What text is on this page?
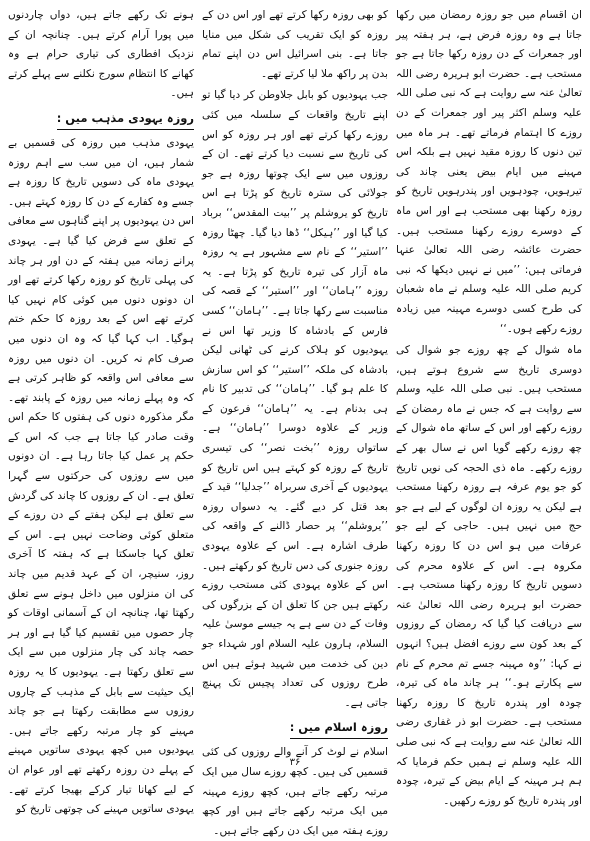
ہونے تک رکھے جاتے ہیں، دواں چاردنوں میں پورا آرام کرتے ہیں۔ چنانچہ ان کے نزدیک افطاری کی تیاری حرام ہے وہ کھانے کا انتظام سورج نکلنے سے پہلے کرتے ہیں۔

روزہ یہودی مذہب میں :

یہودی مذہب میں روزہ کی قسمیں بے شمار ہیں، ان میں سب سے اہم روزہ یہودی ماہ کی دسویں تاریخ کا روزہ ہے جسے وہ کفارے کے دن کا روزہ کہتے ہیں۔ اس دن یہودیوں پر اپنے گناہوں سے معافی کے تعلق سے فرض کیا گیا ہے۔ یہودی پرانے زمانہ میں ہفتہ کے دن اور ہر چاند کی پہلی تاریخ کو روزہ رکھا کرتے تھے اور ان دونوں دنوں میں کوئی کام نہیں کیا کرتے تھے اس کے بعد روزہ کا حکم ختم ہوگیا۔ اب کہا گیا کہ وہ ان دنوں میں صرف کام نہ کریں۔ ان دنوں میں روزہ سے معافی اس واقعہ کو ظاہر کرتی ہے کہ وہ پہلے زمانہ میں روزہ کے پابند تھے۔ مگر مذکورہ دنوں کی ہفتوں کا حکم اس وقت صادر کیا جاتا ہے جب کہ اس کے حکم پر عمل کیا جاتا رہا ہے۔ ان دونوں میں سے روزوں کی حرکتوں سے گہرا تعلق ہے۔ ان کے روزوں کا چاند کی گردش سے تعلق ہے لیکن ہفتے کے دن روزے کے متعلق کوئی وضاحت نہیں ہے۔ اس کے تعلق کہا جاسکتا ہے کہ ہفتہ کا آخری روز، سنیچر، ان کے عہد قدیم میں چاند کی ان منزلوں میں داخل ہونے سے تعلق رکھتا تھا، چنانچہ ان کے آسمانی اوقات کو چار حصوں میں تقسیم کیا گیا ہے اور ہر حصہ چاند کی چار منزلوں میں سے ایک سے تعلق رکھتا ہے۔ یہودیوں کا یہ روزہ ایک حیثیت سے بابل کے مذہب کے چاروں روزوں سے مطابقت رکھتا ہے جو چاند مہینے کو چار مرتبہ رکھے جاتے ہیں۔ یہودیوں میں کچھ یہودی ساتویں مہینے کے پہلے دن روزہ رکھتے تھے اور عوام ان کے لیے کھانا تیار کرکے بھیجا کرتے تھے۔ یہودی ساتویں مہینے کی چوتھی تاریخ کو

کو بھی روزہ رکھا کرتے تھے اور اس دن کے روزہ کو ایک تقریب کی شکل میں منایا جاتا ہے۔ بنی اسرائیل اس دن اپنے تمام بدن پر راکھ ملا لیا کرتے تھے۔

جب یہودیوں کو بابل جلاوطن کر دیا گیا تو اپنے تاریخ واقعات کے سلسلہ میں کئی روزے رکھا کرتے تھے اور ہر روزہ کو اس کی تاریخ سے نسبت دیا کرتے تھے۔ ان کے روزوں میں سے ایک چوتھا روزہ ہے جو جولائی کی سترہ تاریخ کو پڑتا ہے اس تاریخ کو یروشلم پر ’’بیت المقدس‘‘ برباد کیا گیا اور ’’ہیکل‘‘ ڈھا دیا گیا۔ چھٹا روزہ ’’استیر‘‘ کے نام سے مشہور ہے یہ روزہ ماہ آزار کی تیرہ تاریخ کو پڑتا ہے۔ یہ روزہ ’’ہامان‘‘ اور ’’استیر‘‘ کے قصہ کی مناسبت سے رکھا جاتا ہے۔ ’’ہامان‘‘ کسی فارس کے بادشاہ کا وزیر تھا اس نے یہودیوں کو ہلاک کرنے کی ٹھانی لیکن بادشاہ کی ملکہ ’’استیر‘‘ کو اس سازش کا علم ہو گیا۔ ’’ہامان‘‘ کی تدبیر کا نام ہی بدنام ہے۔ یہ ’’ہامان‘‘ فرعون کے وزیر کے علاوہ دوسرا ’’ہامان‘‘ ہے۔ ساتواں روزہ ’’بخت نصر‘‘ کی تیسری تاریخ کے روزہ کو کہتے ہیں اس تاریخ کو یہودیوں کے آخری سربراہ ’’جدلیا‘‘ قید کے بعد قتل کر دیے گئے۔ یہ دسواں روزہ ’’یروشلم‘‘ پر حصار ڈالنے کے واقعہ کی طرف اشارہ ہے۔ اس کے علاوہ یہودی روزہ جنوری کی دس تاریخ کو رکھتے ہیں۔ اس کے علاوہ یہودی کئی مستحب روزے رکھتے ہیں جن کا تعلق ان کے بزرگوں کی وفات کے دن سے ہے یہ جیسے موسیٰ علیہ السلام، ہارون علیہ السلام اور شہداء جو دین کی خدمت میں شہید ہوئے ہیں اس طرح روزوں کی تعداد پچیس تک پہنچ جاتی ہے۔

روزہ اسلام میں :

اسلام نے لوٹ کر آنے والے روزوں کی کئی قسمیں کی ہیں۔ کچھ روزے سال میں ایک مرتبہ رکھے جاتے ہیں، کچھ روزے مہینہ میں ایک مرتبہ رکھے جاتے ہیں اور کچھ روزے ہفتہ میں ایک دن رکھے جاتے ہیں۔

ان اقسام میں جو روزہ رمضان میں رکھا جاتا ہے وہ روزہ فرض ہے، ہر ہفتہ پیر اور جمعرات کے دن روزہ رکھا جاتا ہے جو مستحب ہے۔ حضرت ابو ہریرہ رضی اللہ تعالیٰ عنہ سے روایت ہے کہ نبی صلی اللہ علیہ وسلم اکثر پیر اور جمعرات کے دن روزے کا اہتمام فرماتے تھے۔ ہر ماہ میں تین دنوں کا روزہ مقید نہیں ہے بلکہ اس مہینے میں ایام بیض یعنی چاند کی تیرہویں، چودہویں اور پندرہویں تاریخ کو روزہ رکھنا بھی مستحب ہے اور اس ماہ کے دوسرے روزے رکھنا مستحب ہیں۔ حضرت عائشہ رضی اللہ تعالیٰ عنہا فرماتی ہیں: ’’میں نے نہیں دیکھا کہ نبی کریم صلی اللہ علیہ وسلم نے ماہ شعبان کی طرح کسی دوسرے مہینہ میں زیادہ روزے رکھے ہوں۔‘‘

ماہ شوال کے چھ روزے جو شوال کی دوسری تاریخ سے شروع ہوتے ہیں، مستحب ہیں۔ نبی صلی اللہ علیہ وسلم سے روایت ہے کہ جس نے ماہ رمضان کے روزے رکھے اور اس کے ساتھ ماہ شوال کے چھ روزے رکھے گویا اس نے سال بھر کے روزے رکھے۔ ماہ ذی الحجہ کی نویں تاریخ کو جو یوم عرفہ ہے روزہ رکھنا مستحب ہے لیکن یہ روزہ ان لوگوں کے لیے ہے جو حج میں نہیں ہیں۔ حاجی کے لیے جو عرفات میں ہو اس دن کا روزہ رکھنا مکروہ ہے۔ اس کے علاوہ محرم کی دسویں تاریخ کا روزہ رکھنا مستحب ہے۔ حضرت ابو ہریرہ رضی اللہ تعالیٰ عنہ سے دریافت کیا گیا کہ رمضان کے روزوں کے بعد کون سے روزے افضل ہیں؟ انہوں نے کہا: ’’وہ مہینہ جسے تم محرم کے نام سے پکارتے ہو۔‘‘ ہر چاند ماہ کی تیرہ، چودہ اور پندرہ تاریخ کا روزہ رکھنا مستحب ہے۔ حضرت ابو ذر غفاری رضی اللہ تعالیٰ عنہ سے روایت ہے کہ نبی صلی اللہ علیہ وسلم نے ہمیں حکم فرمایا کہ ہم ہر مہینہ کے ایام بیض کے تیرہ، چودہ اور پندرہ تاریخ کو روزے رکھیں۔

۳۶
